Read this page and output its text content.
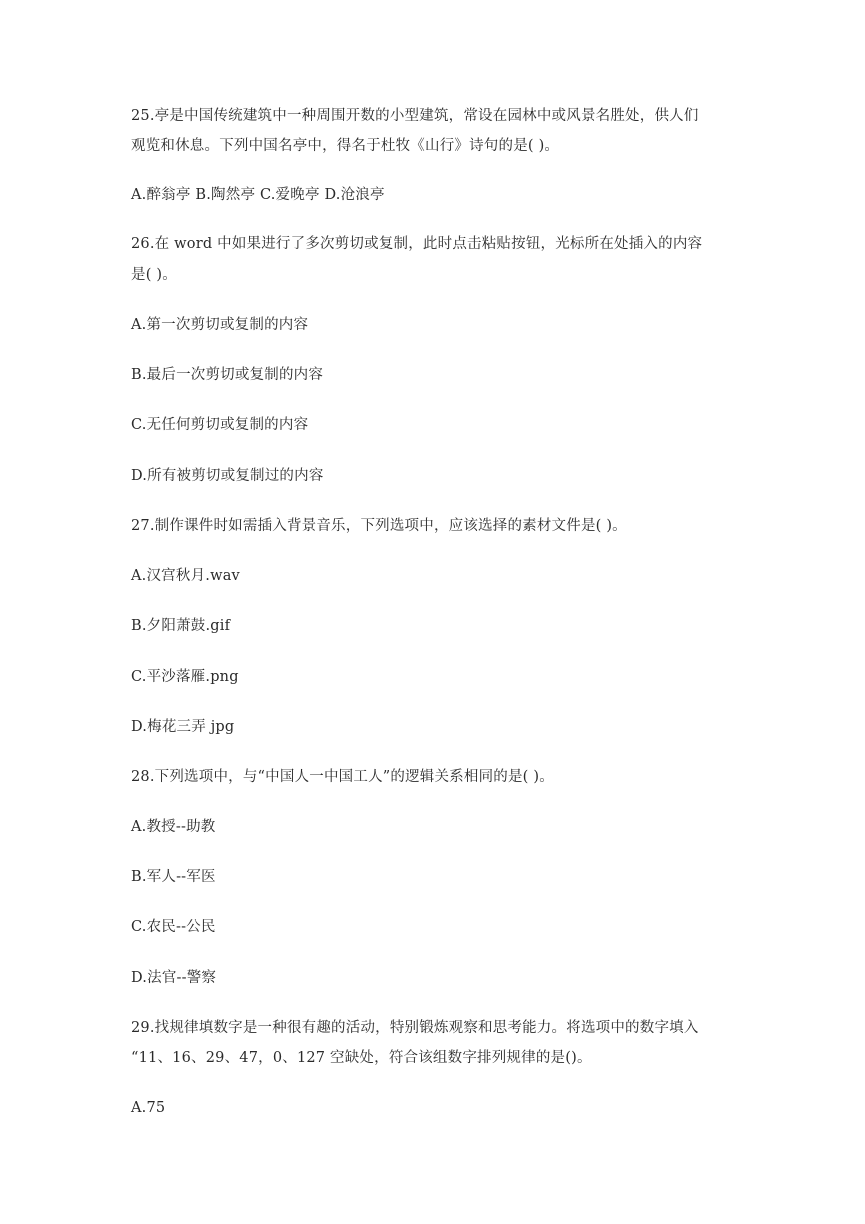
25.亭是中国传统建筑中一种周围开数的小型建筑，常设在园林中或风景名胜处，供人们
观览和休息。下列中国名亭中，得名于杜牧《山行》诗句的是( )。
A.醉翁亭 B.陶然亭 C.爱晚亭 D.沧浪亭
26.在 word 中如果进行了多次剪切或复制，此时点击粘贴按钮，光标所在处插入的内容
是( )。
A.第一次剪切或复制的内容
B.最后一次剪切或复制的内容
C.无任何剪切或复制的内容
D.所有被剪切或复制过的内容
27.制作课件时如需插入背景音乐，下列选项中，应该选择的素材文件是( )。
A.汉宫秋月.wav
B.夕阳萧鼓.gif
C.平沙落雁.png
D.梅花三弄 jpg
28.下列选项中，与“中国人一中国工人”的逻辑关系相同的是( )。
A.教授--助教
B.军人--军医
C.农民--公民
D.法官--警察
29.找规律填数字是一种很有趣的活动，特别锻炼观察和思考能力。将选项中的数字填入
“11、16、29、47，0、127 空缺处，符合该组数字排列规律的是()。
A.75
